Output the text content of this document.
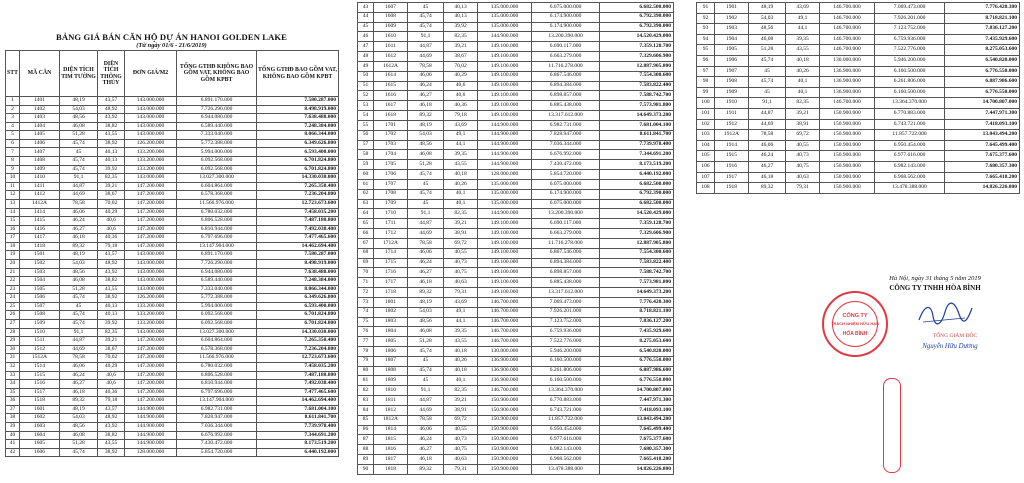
BẢNG GIÁ BÁN CĂN HỘ DỰ ÁN HANOI GOLDEN LAKE
(Từ ngày 01/6 - 21/6/2019)
STT	MÃ CĂN	DIỆN TÍCH TIM TƯỜNG	DIỆN TÍCH THÔNG THỦY	ĐƠN GIÁ/M2	TỔNG GTHĐ KHÔNG BAO GỒM VAT, KHÔNG BAO GỒM KPBT	TỔNG GTHĐ BAO GỒM VAT, KHÔNG BAO GỒM KPBT
1	1401	48,19	43,57	143.000.000	6.891.170.000	7.580.287.000
2	1402	54,03	48,92	143.000.000	7.726.290.000	8.498.919.000
3	1403	48,56	43,92	143.000.000	6.944.080.000	7.638.488.000
4	1404	46,08	38,82	143.000.000	6.589.440.000	7.248.384.000
5	1405	51,28	43,55	143.000.000	7.333.040.000	8.066.344.000
6	1406	45,74	38,92	126.200.000	5.772.388.000	6.349.626.800
7	1407	45	40,13	133.200.000	5.994.000.000	6.593.400.000
8	1408	45,74	40,13	133.200.000	6.092.568.000	6.701.824.800
9	1409	45,74	39,92	133.200.000	6.092.568.000	6.701.824.800
10	1410	91,1	82,35	143.000.000	13.027.300.000	14.330.030.000
11	1411	44,87	39,21	147.200.000	6.604.864.000	7.265.350.400
12	1412	44,69	38,67	147.200.000	6.578.368.000	7.236.204.800
13	1412A	78,58	70,02	147.200.000	11.566.976.000	12.723.673.600
14	1414	46,06	40,29	147.200.000	6.780.032.000	7.458.035.200
15	1415	46,24	40,6	147.200.000	6.806.528.000	7.487.180.800
16	1416	46,27	40,6	147.200.000	6.810.944.000	7.492.038.400
17	1417	46,18	40,36	147.200.000	6.797.696.000	7.477.465.600
18	1418	89,32	79,18	147.200.000	13.147.904.000	14.462.694.400
19	1501	48,19	43,57	143.000.000	6.891.170.000	7.580.287.000
20	1502	54,03	48,92	143.000.000	7.726.290.000	8.498.919.000
21	1503	48,56	43,92	143.000.000	6.944.080.000	7.638.488.000
22	1504	46,08	38,82	143.000.000	6.589.440.000	7.248.384.000
23	1505	51,28	43,55	143.000.000	7.333.040.000	8.066.344.000
24	1506	45,74	38,92	126.200.000	5.772.388.000	6.349.626.800
25	1507	45	40,13	133.200.000	5.994.000.000	6.593.400.000
26	1508	45,74	40,13	133.200.000	6.092.568.000	6.701.824.800
27	1509	45,74	39,92	133.200.000	6.092.568.000	6.701.824.800
28	1510	91,1	82,35	143.000.000	13.027.300.000	14.330.030.000
29	1511	44,87	39,21	147.200.000	6.604.864.000	7.265.350.400
30	1512	44,69	38,67	147.200.000	6.578.368.000	7.236.204.800
31	1512A	78,58	70,02	147.200.000	11.566.976.000	12.723.673.600
32	1514	46,06	40,29	147.200.000	6.780.032.000	7.458.035.200
33	1515	46,24	40,6	147.200.000	6.806.528.000	7.487.180.800
34	1516	46,27	40,6	147.200.000	6.810.944.000	7.492.038.400
35	1517	46,18	40,36	147.200.000	6.797.696.000	7.477.465.600
36	1518	89,32	79,18	147.200.000	13.147.904.000	14.462.694.400
37	1601	48,19	43,57	144.900.000	6.982.731.000	7.681.004.100
38	1602	54,03	48,92	144.900.000	7.828.947.000	8.611.841.700
39	1603	48,56	43,92	144.900.000	7.036.344.000	7.739.978.400
40	1604	46,08	38,82	144.900.000	6.676.992.000	7.344.691.200
41	1605	51,28	43,55	144.900.000	7.430.472.000	8.173.519.200
42	1606	45,74	38,92	128.000.000	5.854.720.000	6.440.192.000
43	1607	45	40,13	135.000.000	6.075.000.000	6.682.500.000
44	1608	45,74	40,13	135.000.000	6.174.900.000	6.792.390.000
45	1609	45,74	39,92	135.000.000	6.174.900.000	6.792.390.000
46	1610	91,1	82,35	144.900.000	13.200.390.000	14.520.429.000
47	1611	44,87	39,21	149.100.000	6.690.117.000	7.359.128.700
48	1612	44,69	38,67	149.100.000	6.663.279.000	7.329.606.900
49	1612A	78,58	70,02	149.100.000	11.716.278.000	12.887.905.800
50	1614	46,06	40,29	149.100.000	6.867.546.000	7.554.300.600
51	1615	46,24	40,6	149.100.000	6.894.384.000	7.583.822.400
52	1616	46,27	40,6	149.100.000	6.898.857.000	7.588.742.700
53	1617	46,18	40,36	149.100.000	6.885.438.000	7.573.981.800
54	1618	89,32	79,18	149.100.000	13.317.612.000	14.649.373.200
55	1701	48,19	43,69	144.900.000	6.982.731.000	7.681.004.100
56	1702	54,03	49,1	144.900.000	7.828.947.000	8.611.841.700
57	1703	48,56	44,1	144.900.000	7.036.344.000	7.739.978.400
58	1704	46,08	39,35	144.900.000	6.676.992.000	7.344.691.200
59	1705	51,28	43,55	144.900.000	7.430.472.000	8.173.519.200
60	1706	45,74	40,18	128.000.000	5.854.720.000	6.440.192.000
61	1707	45	40,26	135.000.000	6.075.000.000	6.682.500.000
62	1708	45,74	40,1	135.000.000	6.174.900.000	6.792.390.000
63	1709	45	40,1	135.000.000	6.075.000.000	6.682.500.000
64	1710	91,1	82,35	144.900.000	13.200.390.000	14.520.429.000
65	1711	44,87	39,21	149.100.000	6.690.117.000	7.359.128.700
66	1712	44,69	38,91	149.100.000	6.663.279.000	7.329.606.900
67	1712A	78,58	69,72	149.100.000	11.716.278.000	12.887.905.800
68	1714	46,06	40,55	149.100.000	6.867.546.000	7.554.300.600
69	1715	46,24	40,73	149.100.000	6.894.384.000	7.583.822.400
70	1716	46,27	40,75	149.100.000	6.898.857.000	7.588.742.700
71	1717	46,18	40,63	149.100.000	6.885.438.000	7.573.981.800
72	1718	89,32	79,31	149.100.000	13.317.612.000	14.649.373.200
73	1801	48,19	43,69	146.700.000	7.069.473.000	7.776.420.300
74	1802	54,03	49,1	146.700.000	7.926.201.000	8.718.821.100
75	1803	48,56	44,1	146.700.000	7.123.752.000	7.836.127.200
76	1804	46,08	39,35	146.700.000	6.759.936.000	7.435.929.600
77	1805	51,28	43,55	146.700.000	7.522.776.000	8.275.053.600
78	1806	45,74	40,18	130.000.000	5.946.200.000	6.540.820.000
79	1807	45	40,26	136.900.000	6.160.500.000	6.776.550.000
80	1808	45,74	40,18	136.900.000	6.261.806.000	6.887.986.600
81	1809	45	40,1	136.900.000	6.160.500.000	6.776.550.000
82	1810	91,1	82,35	146.700.000	13.364.370.000	14.700.807.000
83	1811	44,87	39,21	150.900.000	6.770.883.000	7.447.971.300
84	1812	44,69	38,91	150.900.000	6.743.721.000	7.418.093.100
85	1812A	78,58	69,72	150.900.000	11.857.722.000	13.043.494.200
86	1814	46,06	40,55	150.900.000	6.950.454.000	7.645.499.400
87	1815	46,24	40,73	150.900.000	6.977.616.000	7.675.377.600
88	1816	46,27	40,75	150.900.000	6.982.143.000	7.680.357.300
89	1817	46,18	40,63	150.900.000	6.968.562.000	7.665.418.200
90	1818	89,32	79,31	150.900.000	13.478.388.000	14.826.226.800
91	1901	48,19	43,69	146.700.000	7.069.473.000	7.776.420.300
92	1902	54,03	49,1	146.700.000	7.926.201.000	8.718.821.100
93	1903	48,56	44,1	146.700.000	7.123.752.000	7.836.127.200
94	1904	46,08	39,35	146.700.000	6.759.936.000	7.435.929.600
95	1905	51,28	43,55	146.700.000	7.522.776.000	8.275.053.600
96	1906	45,74	40,18	130.000.000	5.946.200.000	6.540.820.000
97	1907	45	40,26	136.900.000	6.160.500.000	6.776.550.000
98	1908	45,74	40,1	136.900.000	6.261.806.000	6.887.986.600
99	1909	45	40,1	136.900.000	6.160.500.000	6.776.550.000
100	1910	91,1	82,35	146.700.000	13.364.370.000	14.700.807.000
101	1911	44,87	39,21	150.900.000	6.770.883.000	7.447.971.300
102	1912	44,69	38,91	150.900.000	6.743.721.000	7.418.093.100
103	1912A	78,58	69,72	150.900.000	11.857.722.000	13.043.494.200
104	1914	46,06	40,55	150.900.000	6.950.454.000	7.645.499.400
105	1915	46,24	40,73	150.900.000	6.977.616.000	7.675.377.600
106	1916	46,27	40,75	150.900.000	6.982.143.000	7.680.357.300
107	1917	46,18	40,63	150.900.000	6.968.562.000	7.665.418.200
108	1918	89,32	79,31	150.900.000	13.478.388.000	14.826.226.800
Hà Nội, ngày 31 tháng 5 năm 2019
CÔNG TY TNHH HÒA BÌNH
CÔNG TY
TRÁCH NHIỆM HỮU HẠN
HÒA BÌNH	TỔNG GIÁM ĐỐC
Nguyễn Hữu Dương
